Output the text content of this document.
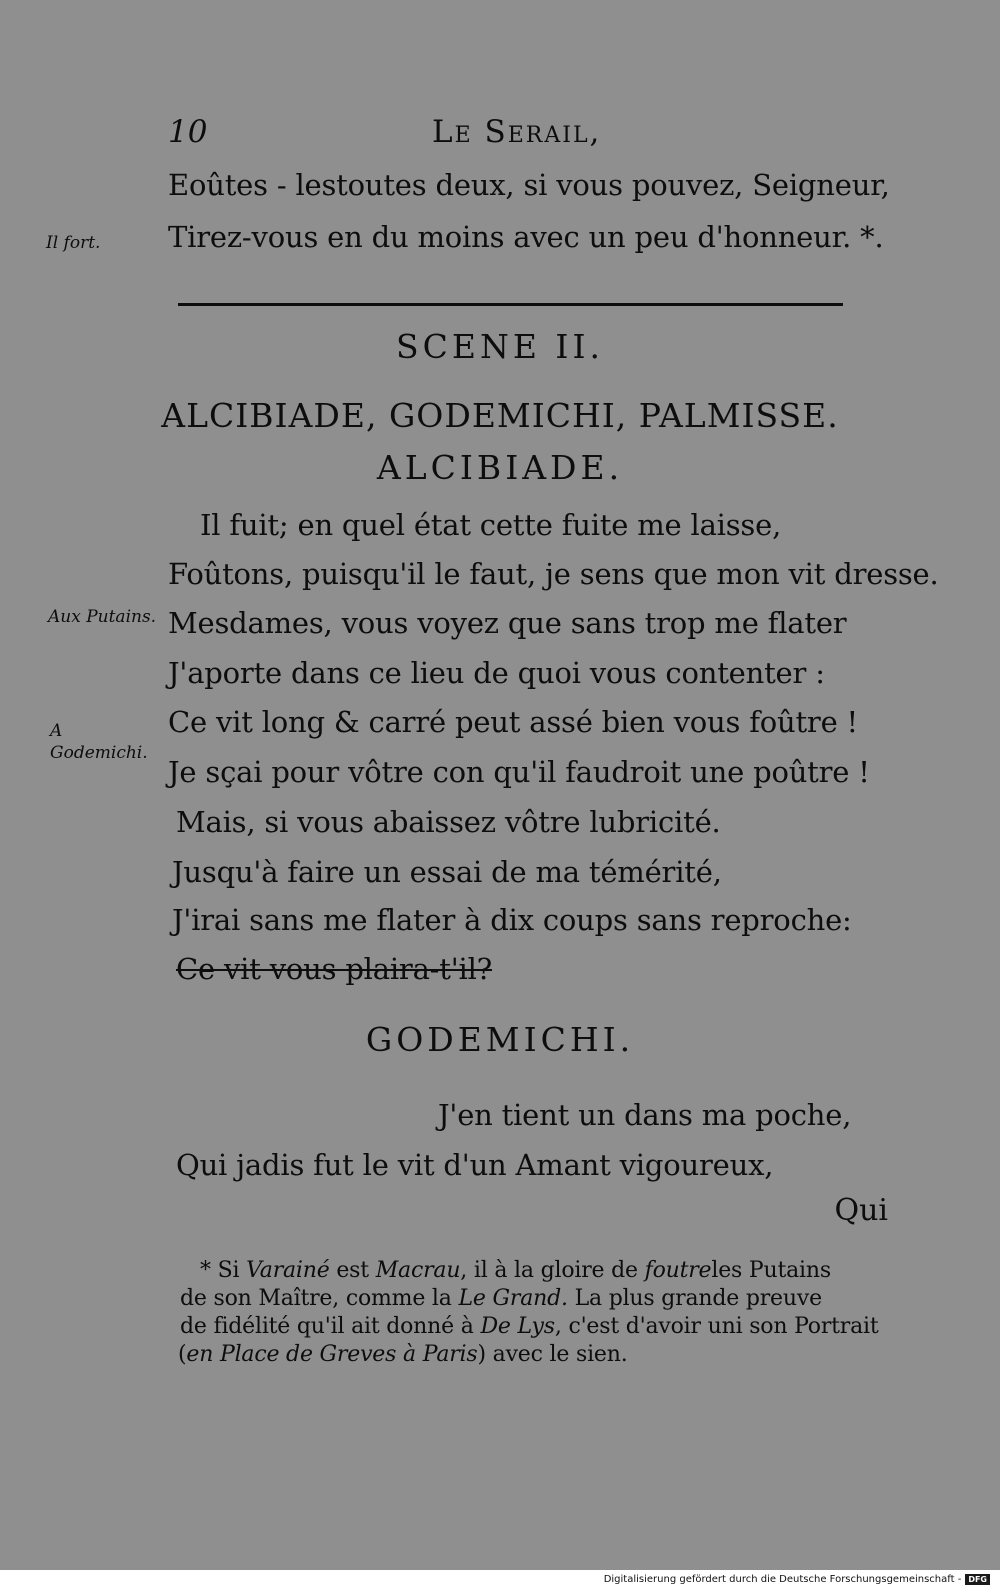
10	Le Serail,
Eoûtes - lestoutes deux, si vous pouvez, Seigneur,
Il fort.	Tirez-vous en du moins avec un peu d'honneur. *.
SCENE II.
ALCIBIADE, GODEMICHI, PALMISSE.
ALCIBIADE.
Il fuit; en quel état cette fuite me laisse,
Foûtons, puisqu'il le faut, je sens que mon vit dresse.
Aux Putains. Mesdames, vous voyez que sans trop me flater
J'aporte dans ce lieu de quoi vous contenter :
A Godemichi.
Ce vit long & carré peut assé bien vous foûtre !
Je sçai pour vôtre con qu'il faudroit une poûtre !
Mais, si vous abaissez vôtre lubricité.
Jusqu'à faire un essai de ma témérité,
J'irai sans me flater à dix coups sans reproche:
Ce vit vous plaira-t'il?
GODEMICHI.
J'en tient un dans ma poche,
Qui jadis fut le vit d'un Amant vigoureux,
Qui
* Si Varainé est Macrau, il à la gloire de foutreles Putains
de son Maître, comme la Le Grand. La plus grande preuve
de fidélité qu'il ait donné à De Lys, c'est d'avoir uni son Portrait
(en Place de Greves à Paris) avec le sien.
Digitalisierung gefördert durch die Deutsche Forschungsgemeinschaft - DFG
